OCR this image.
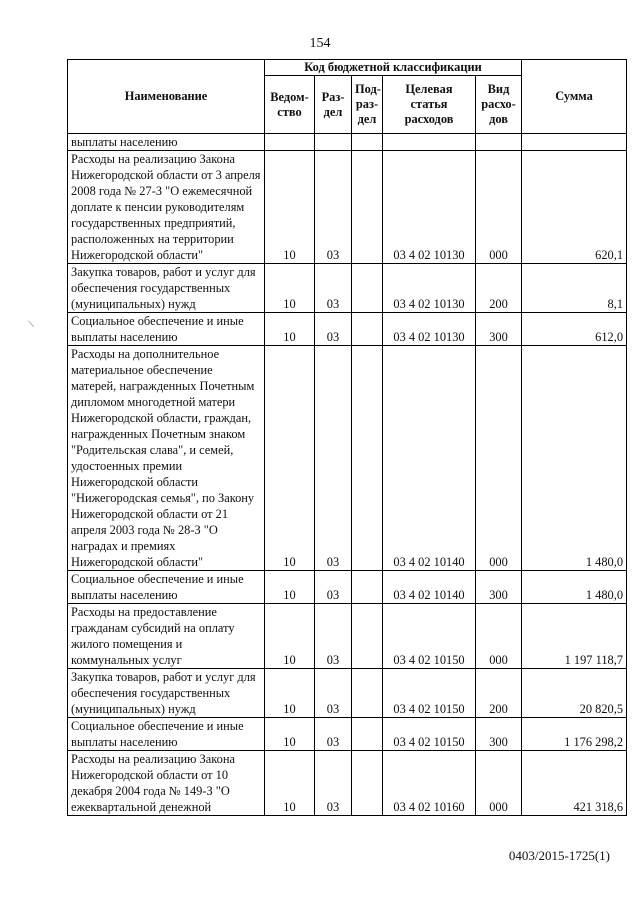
154
/
Наименование	Код бюджетной классификации					Сумма
	Ведом-ство	Раз-дел	Под-раз-дел	Целевая статья расходов	Вид расхо-дов	
выплаты населению						
Расходы на реализацию Закона Нижегородской области от 3 апреля 2008 года № 27-З "О ежемесячной доплате к пенсии руководителям государственных предприятий, расположенных на территории Нижегородской области"	10	03		03 4 02 10130	000	620,1
Закупка товаров, работ и услуг для обеспечения государственных (муниципальных) нужд	10	03		03 4 02 10130	200	8,1
Социальное обеспечение и иные выплаты населению	10	03		03 4 02 10130	300	612,0
Расходы на дополнительное материальное обеспечение матерей, награжденных Почетным дипломом многодетной матери Нижегородской области, граждан, награжденных Почетным знаком "Родительская слава", и семей, удостоенных премии Нижегородской области "Нижегородская семья", по Закону Нижегородской области от 21 апреля 2003 года № 28-З "О наградах и премиях Нижегородской области"	10	03		03 4 02 10140	000	1 480,0
Социальное обеспечение и иные выплаты населению	10	03		03 4 02 10140	300	1 480,0
Расходы на предоставление гражданам субсидий на оплату жилого помещения и коммунальных услуг	10	03		03 4 02 10150	000	1 197 118,7
Закупка товаров, работ и услуг для обеспечения государственных (муниципальных) нужд	10	03		03 4 02 10150	200	20 820,5
Социальное обеспечение и иные выплаты населению	10	03		03 4 02 10150	300	1 176 298,2
Расходы на реализацию Закона Нижегородской области от 10 декабря 2004 года № 149-З "О ежеквартальной денежной	10	03		03 4 02 10160	000	421 318,6
0403/2015-1725(1)
